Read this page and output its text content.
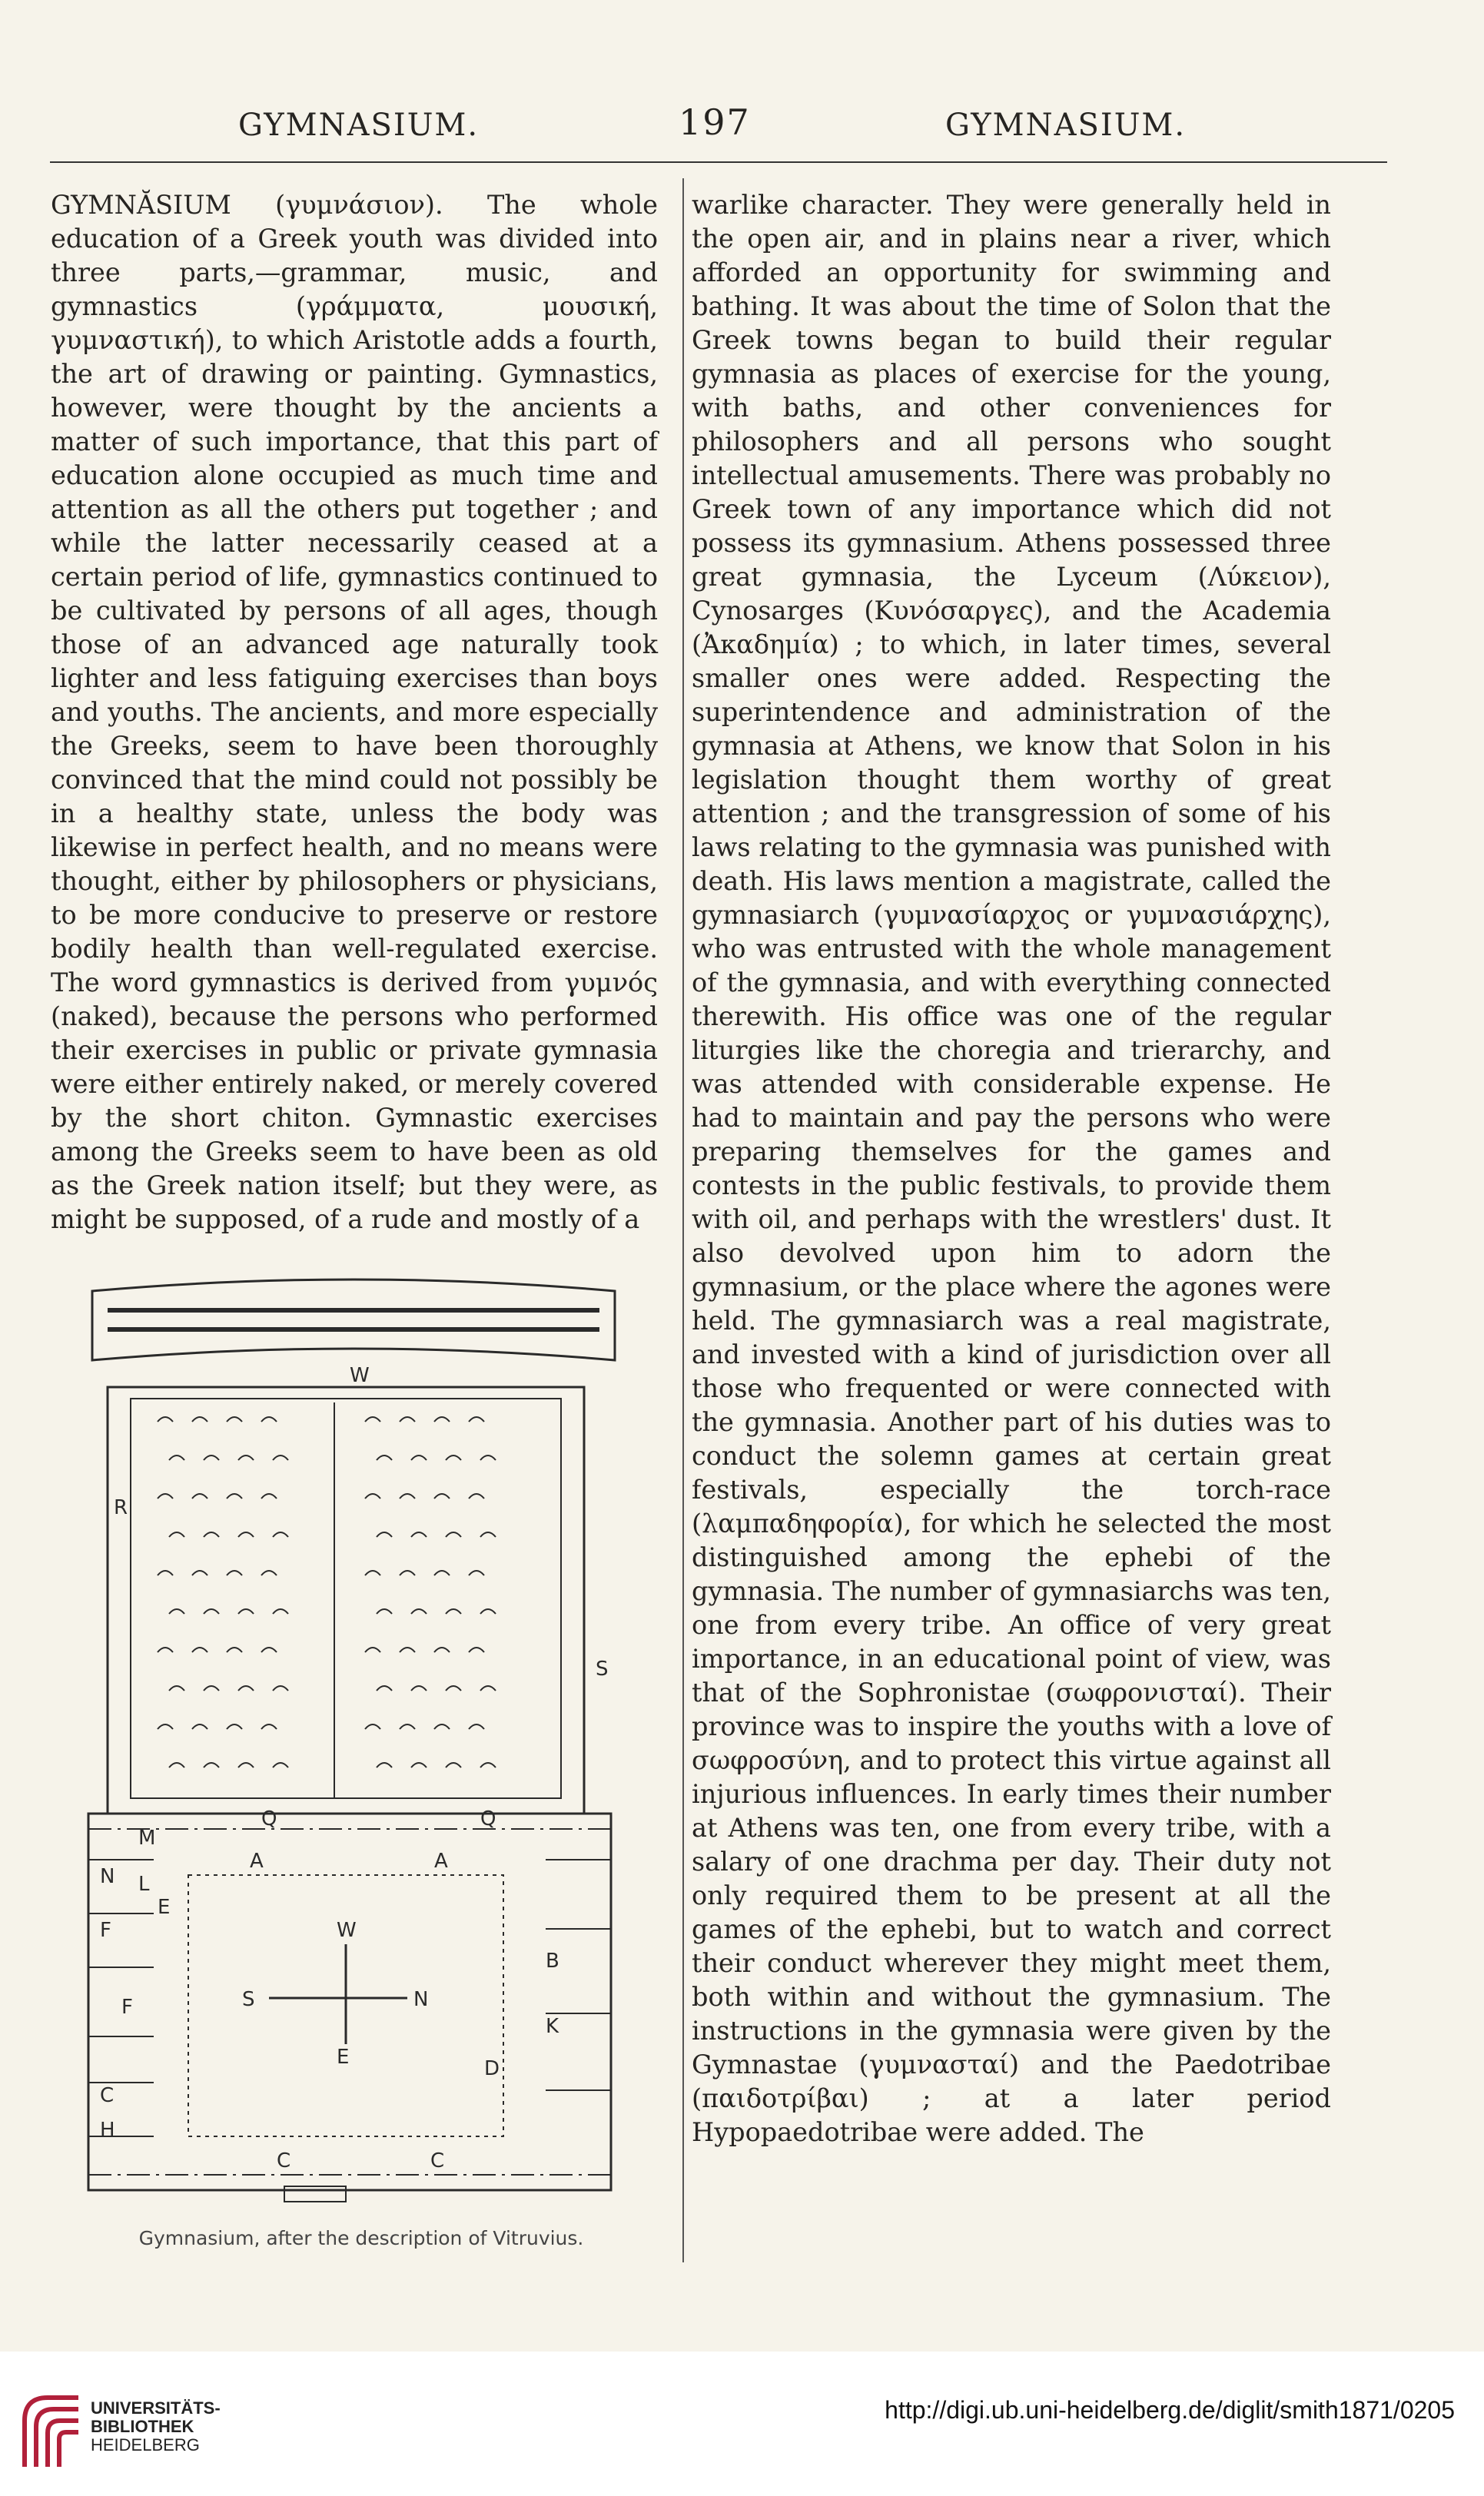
GYMNASIUM.	197	GYMNASIUM.

GYMNĂSIUM (γυμνάσιον). The whole education of a Greek youth was divided into three parts,—grammar, music, and gymnastics (γράμματα, μουσική, γυμναστική), to which Aristotle adds a fourth, the art of drawing or painting. Gymnastics, however, were thought by the ancients a matter of such importance, that this part of education alone occupied as much time and attention as all the others put together ; and while the latter necessarily ceased at a certain period of life, gymnastics continued to be cultivated by persons of all ages, though those of an advanced age naturally took lighter and less fatiguing exercises than boys and youths. The ancients, and more especially the Greeks, seem to have been thoroughly convinced that the mind could not possibly be in a healthy state, unless the body was likewise in perfect health, and no means were thought, either by philosophers or physicians, to be more conducive to preserve or restore bodily health than well-regulated exercise. The word gymnastics is derived from γυμνός (naked), because the persons who performed their exercises in public or private gymnasia were either entirely naked, or merely covered by the short chiton. Gymnastic exercises among the Greeks seem to have been as old as the Greek nation itself; but they were, as might be supposed, of a rude and mostly of a

warlike character. They were generally held in the open air, and in plains near a river, which afforded an opportunity for swimming and bathing. It was about the time of Solon that the Greek towns began to build their regular gymnasia as places of exercise for the young, with baths, and other conveniences for philosophers and all persons who sought intellectual amusements. There was probably no Greek town of any importance which did not possess its gymnasium. Athens possessed three great gymnasia, the Lyceum (Λύκειον), Cynosarges (Κυνόσαργες), and the Academia (Ἀκαδημία) ; to which, in later times, several smaller ones were added. Respecting the superintendence and administration of the gymnasia at Athens, we know that Solon in his legislation thought them worthy of great attention ; and the transgression of some of his laws relating to the gymnasia was punished with death. His laws mention a magistrate, called the gymnasiarch (γυμνασίαρχος or γυμνασιάρχης), who was entrusted with the whole management of the gymnasia, and with everything connected therewith. His office was one of the regular liturgies like the choregia and trierarchy, and was attended with considerable expense. He had to maintain and pay the persons who were preparing themselves for the games and contests in the public festivals, to provide them with oil, and perhaps with the wrestlers' dust. It also devolved upon him to adorn the gymnasium, or the place where the agones were held. The gymnasiarch was a real magistrate, and invested with a kind of jurisdiction over all those who frequented or were connected with the gymnasia. Another part of his duties was to conduct the solemn games at certain great festivals, especially the torch-race (λαμπαδηφορία), for which he selected the most distinguished among the ephebi of the gymnasia. The number of gymnasiarchs was ten, one from every tribe. An office of very great importance, in an educational point of view, was that of the Sophronistae (σωφρονισταί). Their province was to inspire the youths with a love of σωφροσύνη, and to protect this virtue against all injurious influences. In early times their number at Athens was ten, one from every tribe, with a salary of one drachma per day. Their duty not only required them to be present at all the games of the ephebi, but to watch and correct their conduct wherever they might meet them, both within and without the gymnasium. The instructions in the gymnasia were given by the Gymnastae (γυμνασταί) and the Paedotribae (παιδοτρίβαι) ; at a later period Hypopaedotribae were added. The

W
A	A
C	C
R
Q	Q
S
M
N L
F
F
E
C
H
B
K
D
W
S	N
E
Gymnasium, after the description of Vitruvius.
UNIVERSITÄTS-
BIBLIOTHEK
HEIDELBERG
http://digi.ub.uni-heidelberg.de/diglit/smith1871/0205
